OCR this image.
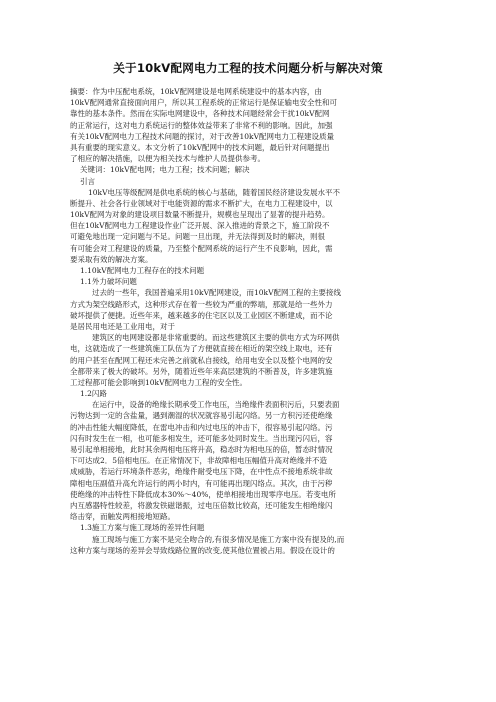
关于10kV配网电力工程的技术问题分析与解决对策
摘要：作为中压配电系统，10kV配网建设是电网系统建设中的基本内容，由
10kV配网通常直接面向用户，所以其工程系统的正常运行是保证输电安全性和可
靠性的基本条件。然而在实际电网建设中，各种技术问题经常会干扰10kV配网
的正常运行，这对电力系统运行的整体效益带来了非常不利的影响。因此，加强
有关10kV配网电力工程技术问题的探讨，对于改善10kV配网电力工程建设质量
具有重要的现实意义。本文分析了10kV配网中的技术问题，最后针对问题提出
了相应的解决措施，以便为相关技术与维护人员提供参考。
关键词：10kV配电网；电力工程；技术问题；解决
引言
10kV电压等级配网是供电系统的核心与基础，随着国民经济建设发展水平不
断提升、社会各行业领域对于电能资源的需求不断扩大，在电力工程建设中，以
10kV配网为对象的建设项目数量不断提升，规模也呈现出了显著的提升趋势。
但在10kV配网电力工程建设作业广泛开展、深入推进的背景之下，施工阶段不
可避免地出现一定问题与不足。问题一旦出现，并无法得到及时的解决，则很
有可能会对工程建设的质量，乃至整个配网系统的运行产生不良影响，因此，需
要采取有效的解决方案。
1.10kV配网电力工程存在的技术问题
1.1外力破坏问题
过去的一些年，我国普遍采用10kV配网建设，而10kV配网工程的主要接线
方式为架空线路形式，这种形式存在着一些较为严重的弊端，那就是给一些外力
破坏提供了便捷。近些年来，越来越多的住宅区以及工业园区不断建成，而不论
是居民用电还是工业用电，对于
建筑区的电网建设都是非常重要的。而这些建筑区主要的供电方式为环网供
电，这就造成了一些建筑施工队伍为了方便就直接在相近的架空线上取电，还有
的用户甚至在配网工程还未完善之前就私自接线，给用电安全以及整个电网的安
全都带来了极大的破坏。另外，随着近些年来高层建筑的不断普及，许多建筑施
工过程都可能会影响到10kV配网电力工程的安全性。
1.2闪路
在运行中，设备的绝缘长期承受工作电压，当绝缘件表面积污后，只要表面
污物达到一定的含盐量，遇到潮湿的状况就容易引起闪络。另一方积污还使绝缘
的冲击性能大幅度降低，在雷电冲击和内过电压的冲击下，很容易引起闪络。污
闪有时发生在一相，也可能多相发生，还可能多处同时发生。当出现污闪后，容
易引起单相接地，此时其余两相电压将升高，稳态时为相电压的倍，暂态时情况
下可达成2．5倍相电压。在正常情况下，非故障相电压幅值升高对绝缘并不造
成威胁，若运行环境条件恶劣，绝缘件耐受电压下降，在中性点不接地系统非故
障相电压副值升高允许运行的两小时内，有可能再出现闪络点。其次，由于污秽
使绝缘的冲击特性下降低成本30%～40%，使单相接地出现零序电压。若变电所
内互感器特性较差，将激发铁磁谐振，过电压倍数比较高，还可能发生相绝缘闪
络击穿，而触发两相接地短路。
1.3施工方案与施工现场的差异性问题
施工现场与施工方案不是完全吻合的,有很多情况是施工方案中没有提及的,而
这种方案与现场的差异会导致线路位置的改变,使其他位置被占用。假设在设计的
